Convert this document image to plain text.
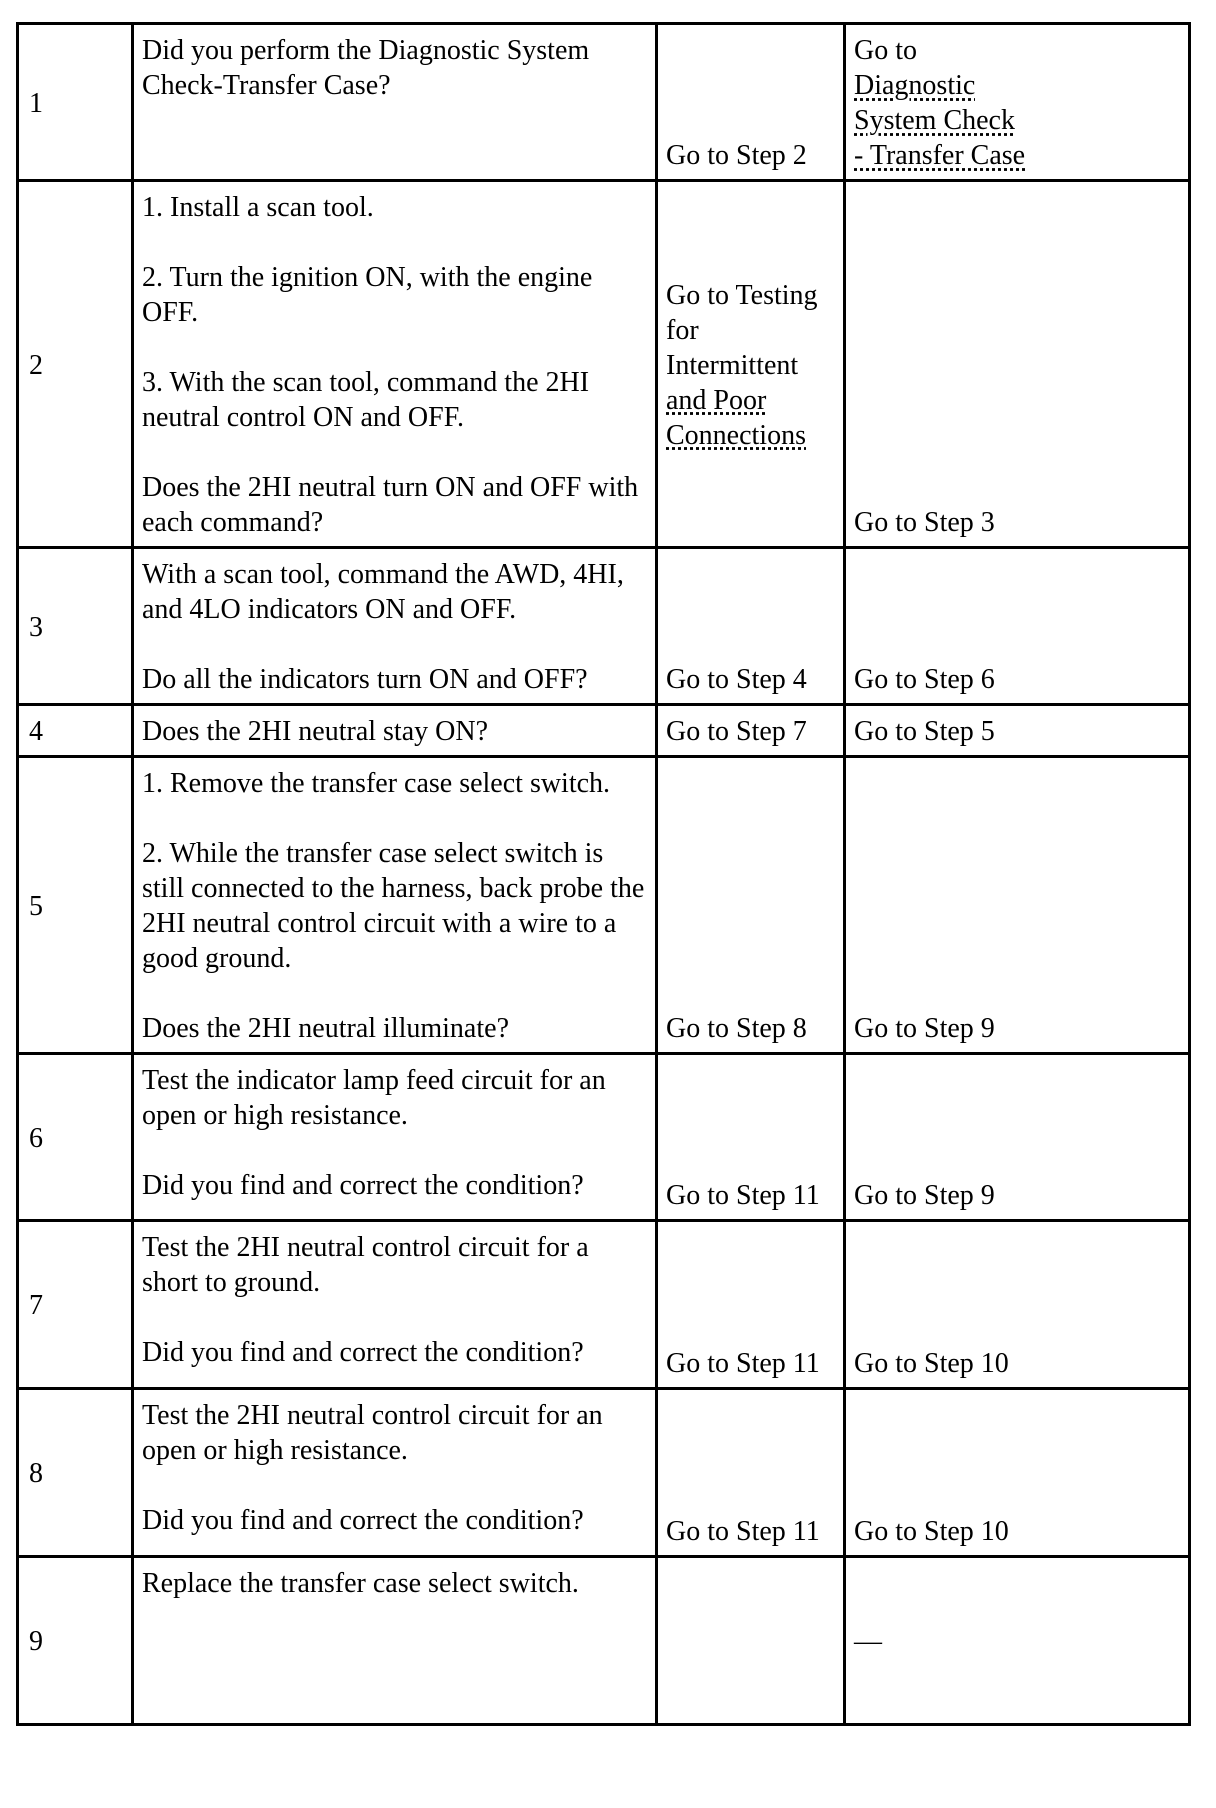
1	Did you perform the Diagnostic System Check-Transfer Case?	Go to Step 2	Go to
Diagnostic
System Check
- Transfer Case

2	1. Install a scan tool.
2. Turn the ignition ON, with the engine OFF.
3. With the scan tool, command the 2HI neutral control ON and OFF.
Does the 2HI neutral turn ON and OFF with each command?	Go to Testing
for Intermittent
and Poor
Connections	Go to Step 3
3	With a scan tool, command the AWD, 4HI, and 4LO indicators ON and OFF.
Do all the indicators turn ON and OFF?	Go to Step 4	Go to Step 6
4	Does the 2HI neutral stay ON?	Go to Step 7	Go to Step 5
5	1. Remove the transfer case select switch.
2. While the transfer case select switch is still connected to the harness, back probe the 2HI neutral control circuit with a wire to a good ground.
Does the 2HI neutral illuminate?	Go to Step 8	Go to Step 9
6	Test the indicator lamp feed circuit for an open or high resistance.
Did you find and correct the condition?	Go to Step 11	Go to Step 9
7	Test the 2HI neutral control circuit for a short to ground.
Did you find and correct the condition?	Go to Step 11	Go to Step 10
8	Test the 2HI neutral control circuit for an open or high resistance.
Did you find and correct the condition?	Go to Step 11	Go to Step 10
9	Replace the transfer case select switch.		—
